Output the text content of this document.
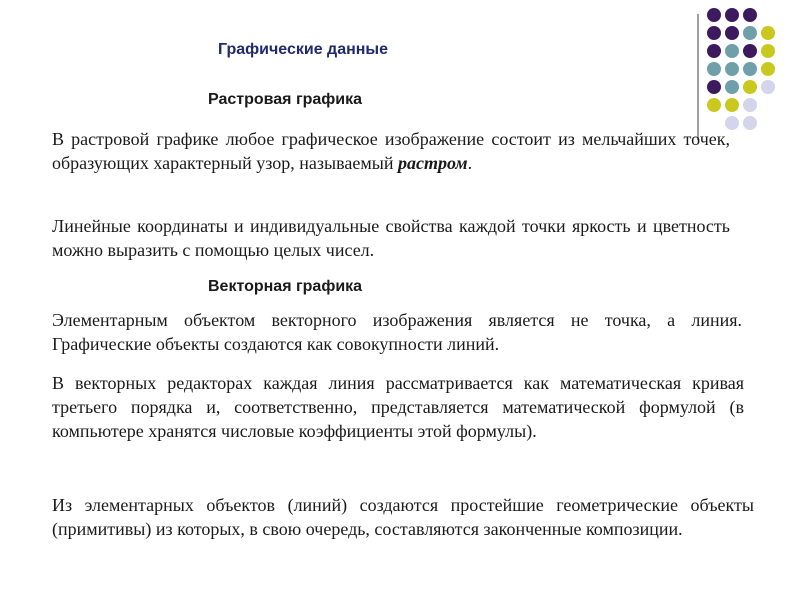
Графические данные
Растровая графика

В растровой графике любое графическое изображение состоит из мельчайших точек, образующих характерный узор, называемый растром.

Линейные координаты и индивидуальные свойства каждой точки яркость и цветность можно выразить с помощью целых чисел.

Векторная графика

Элементарным объектом векторного изображения является не точка, а линия. Графические объекты создаются как совокупности линий.

В векторных редакторах каждая линия рассматривается как математическая кривая третьего порядка и, соответственно, представляется математической формулой (в компьютере хранятся числовые коэффициенты этой формулы).

Из элементарных объектов (линий) создаются простейшие геометрические объекты (примитивы) из которых, в свою очередь, составляются законченные композиции.
